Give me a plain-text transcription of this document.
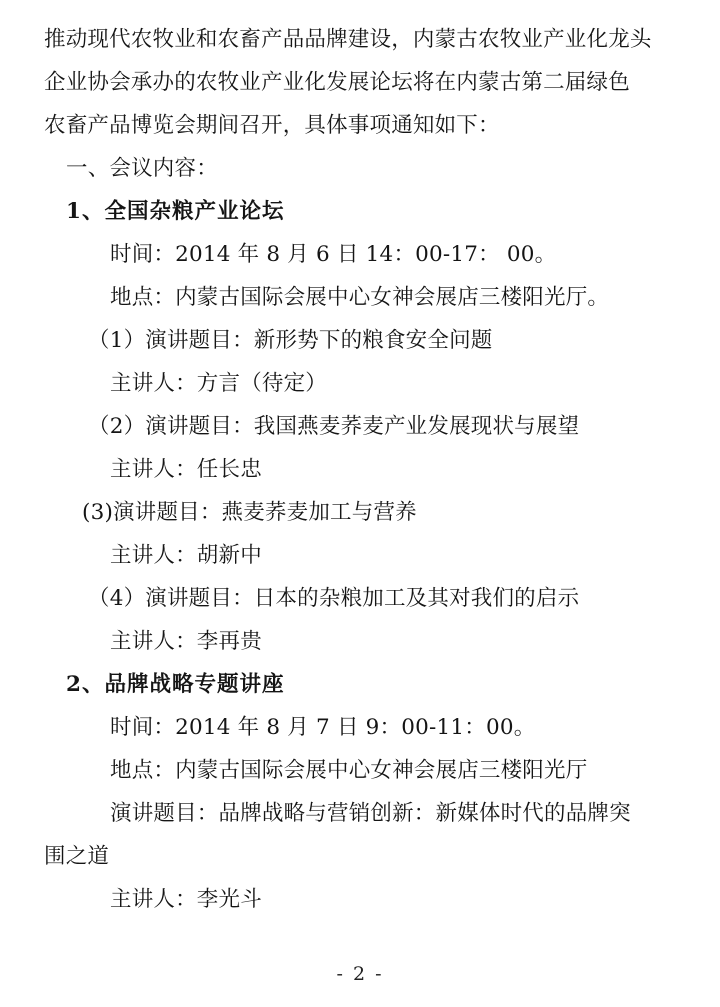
推动现代农牧业和农畜产品品牌建设，内蒙古农牧业产业化龙头
企业协会承办的农牧业产业化发展论坛将在内蒙古第二届绿色
农畜产品博览会期间召开，具体事项通知如下：
一、会议内容：
1、全国杂粮产业论坛
时间：2014 年 8 月 6 日 14：00-17： 00。
地点：内蒙古国际会展中心女神会展店三楼阳光厅。
（1）演讲题目：新形势下的粮食安全问题
主讲人：方言（待定）
（2）演讲题目：我国燕麦荞麦产业发展现状与展望
主讲人：任长忠
(3)演讲题目：燕麦荞麦加工与营养
主讲人：胡新中
（4）演讲题目：日本的杂粮加工及其对我们的启示
主讲人：李再贵
2、品牌战略专题讲座
时间：2014 年 8 月 7 日 9：00-11：00。
地点：内蒙古国际会展中心女神会展店三楼阳光厅
演讲题目：品牌战略与营销创新：新媒体时代的品牌突
围之道
主讲人：李光斗
- 2 -
